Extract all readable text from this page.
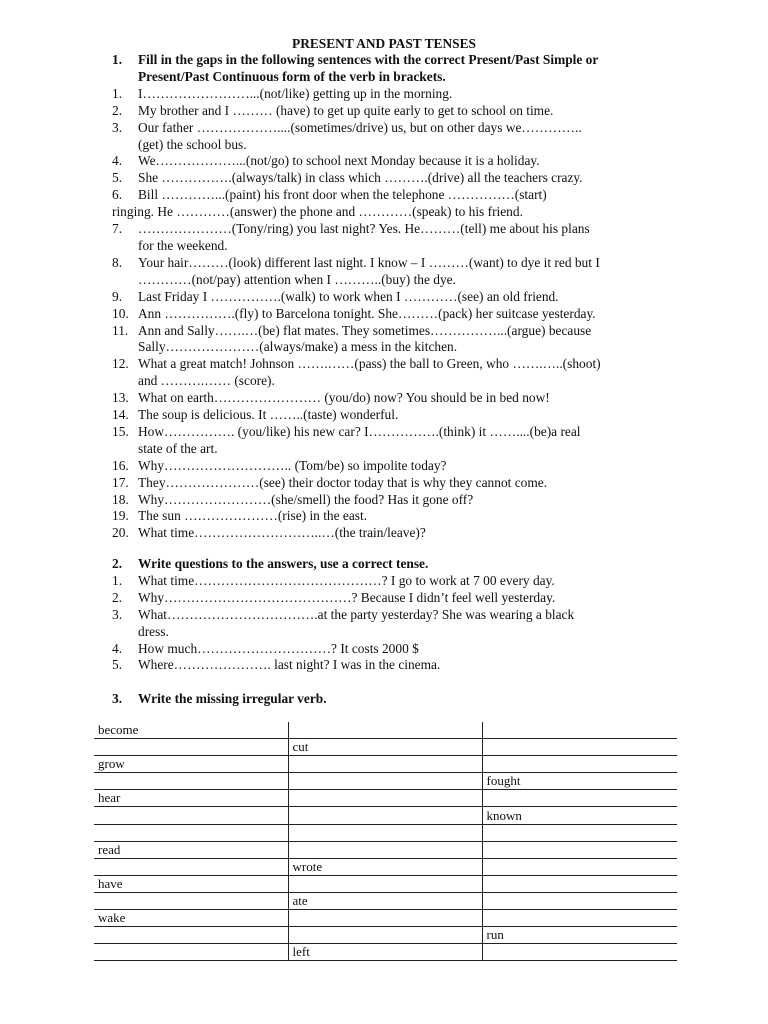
PRESENT AND PAST TENSES
1.	Fill in the gaps in the following sentences with the correct Present/Past Simple or
Present/Past Continuous form of the verb in brackets.
1.	I……………………...(not/like) getting up in the morning.
2.	My brother and I ……… (have) to get up quite early to get to school on time.
3.	Our father ………………....(sometimes/drive) us, but on other days we…………..
(get) the school bus.
4.	We………………...(not/go) to school next Monday because it is a holiday.
5.	She …………….(always/talk) in class which ……….(drive) all the teachers crazy.
6.	Bill …………...(paint) his front door when the telephone ……………(start)
ringing. He …………(answer) the phone and …………(speak) to his friend.
7.	…………………(Tony/ring) you last night? Yes. He………(tell) me about his plans
for the weekend.
8.	Your hair………(look) different last night. I know – I ………(want) to dye it red but I
…………(not/pay) attention when I ………..(buy) the dye.
9.	Last Friday I …………….(walk) to work when I …………(see) an old friend.
10. Ann …………….(fly) to Barcelona tonight. She………(pack) her suitcase yesterday.
11. Ann and Sally…….…(be) flat mates. They sometimes……………...(argue) because
Sally…………………(always/make) a mess in the kitchen.
12. What a great match! Johnson …….……(pass) the ball to Green, who …….…..(shoot)
and ……….…… (score).
13. What on earth…………………… (you/do) now? You should be in bed now!
14. The soup is delicious. It ……..(taste) wonderful.
15. How……………. (you/like) his new car? I…………….(think) it ……....(be)a real
state of the art.
16. Why……………………….. (Tom/be) so impolite today?
17. They…………………(see) their doctor today that is why they cannot come.
18. Why……………………(she/smell) the food? Has it gone off?
19. The sun …………………(rise) in the east.
20. What time………………………..…(the train/leave)?
2.	Write questions to the answers, use a correct tense.
1.	What time……………………………………? I go to work at 7 00 every day.
2.	Why……………………………………? Because I didn’t feel well yesterday.
3.	What…………………………….at the party yesterday? She was wearing a black
dress.
4.	How much…………………………? It costs 2000 $
5.	Where…………………. last night? I was in the cinema.
3.	Write the missing irregular verb.
become		
	cut	
grow		
		fought
hear		
		known

read		
	wrote	
have		
	ate	
wake		
		run
	left	
